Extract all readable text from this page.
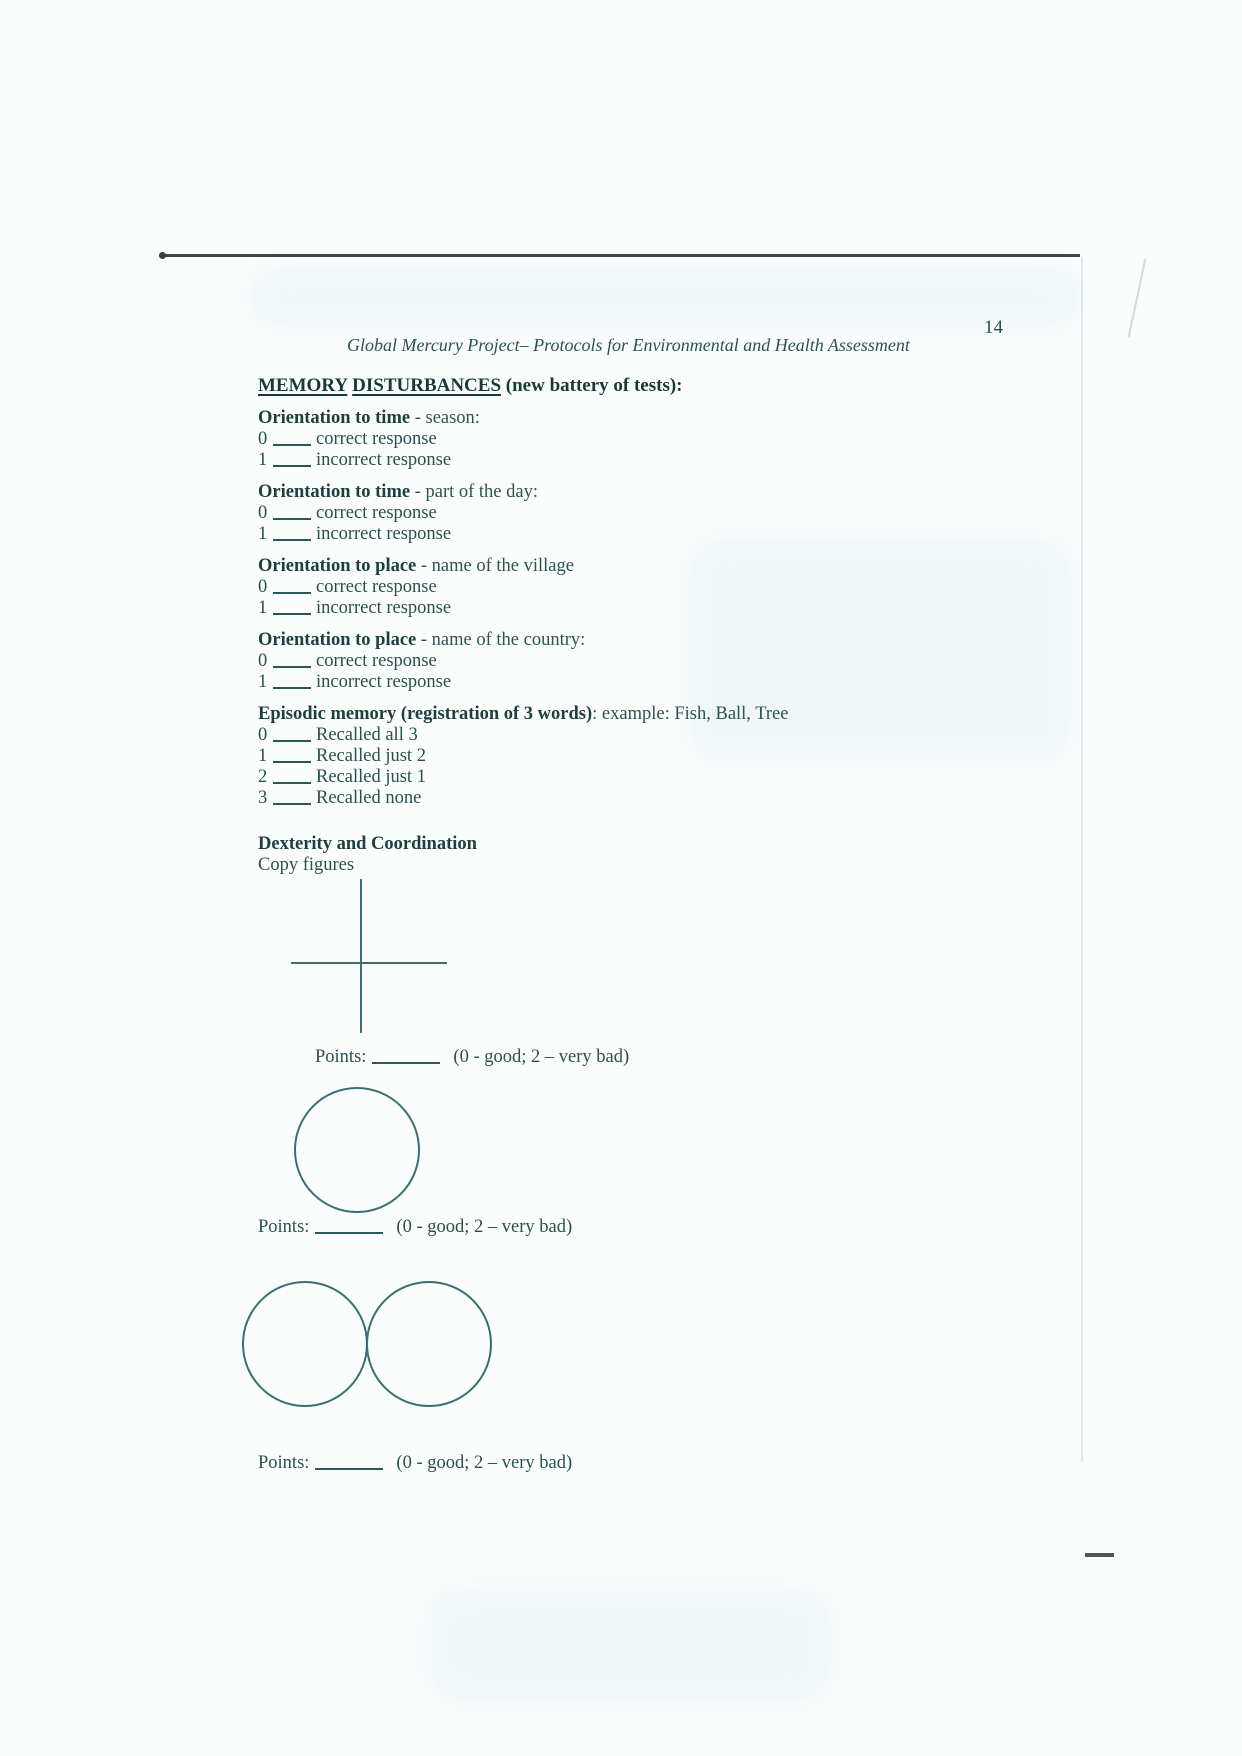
Global Mercury Project– Protocols for Environmental and Health Assessment
14
MEMORY DISTURBANCES (new battery of tests):
Orientation to time - season:
0	correct response
1	incorrect response
Orientation to time - part of the day:
0	correct response
1	incorrect response
Orientation to place - name of the village
0	correct response
1	incorrect response
Orientation to place - name of the country:
0	correct response
1	incorrect response
Episodic memory (registration of 3 words): example: Fish, Ball, Tree
0	Recalled all 3
1	Recalled just 2
2	Recalled just 1
3	Recalled none
Dexterity and Coordination
Copy figures
Points:	(0 - good; 2 – very bad)
Points:	(0 - good; 2 – very bad)
Points:	(0 - good; 2 – very bad)
